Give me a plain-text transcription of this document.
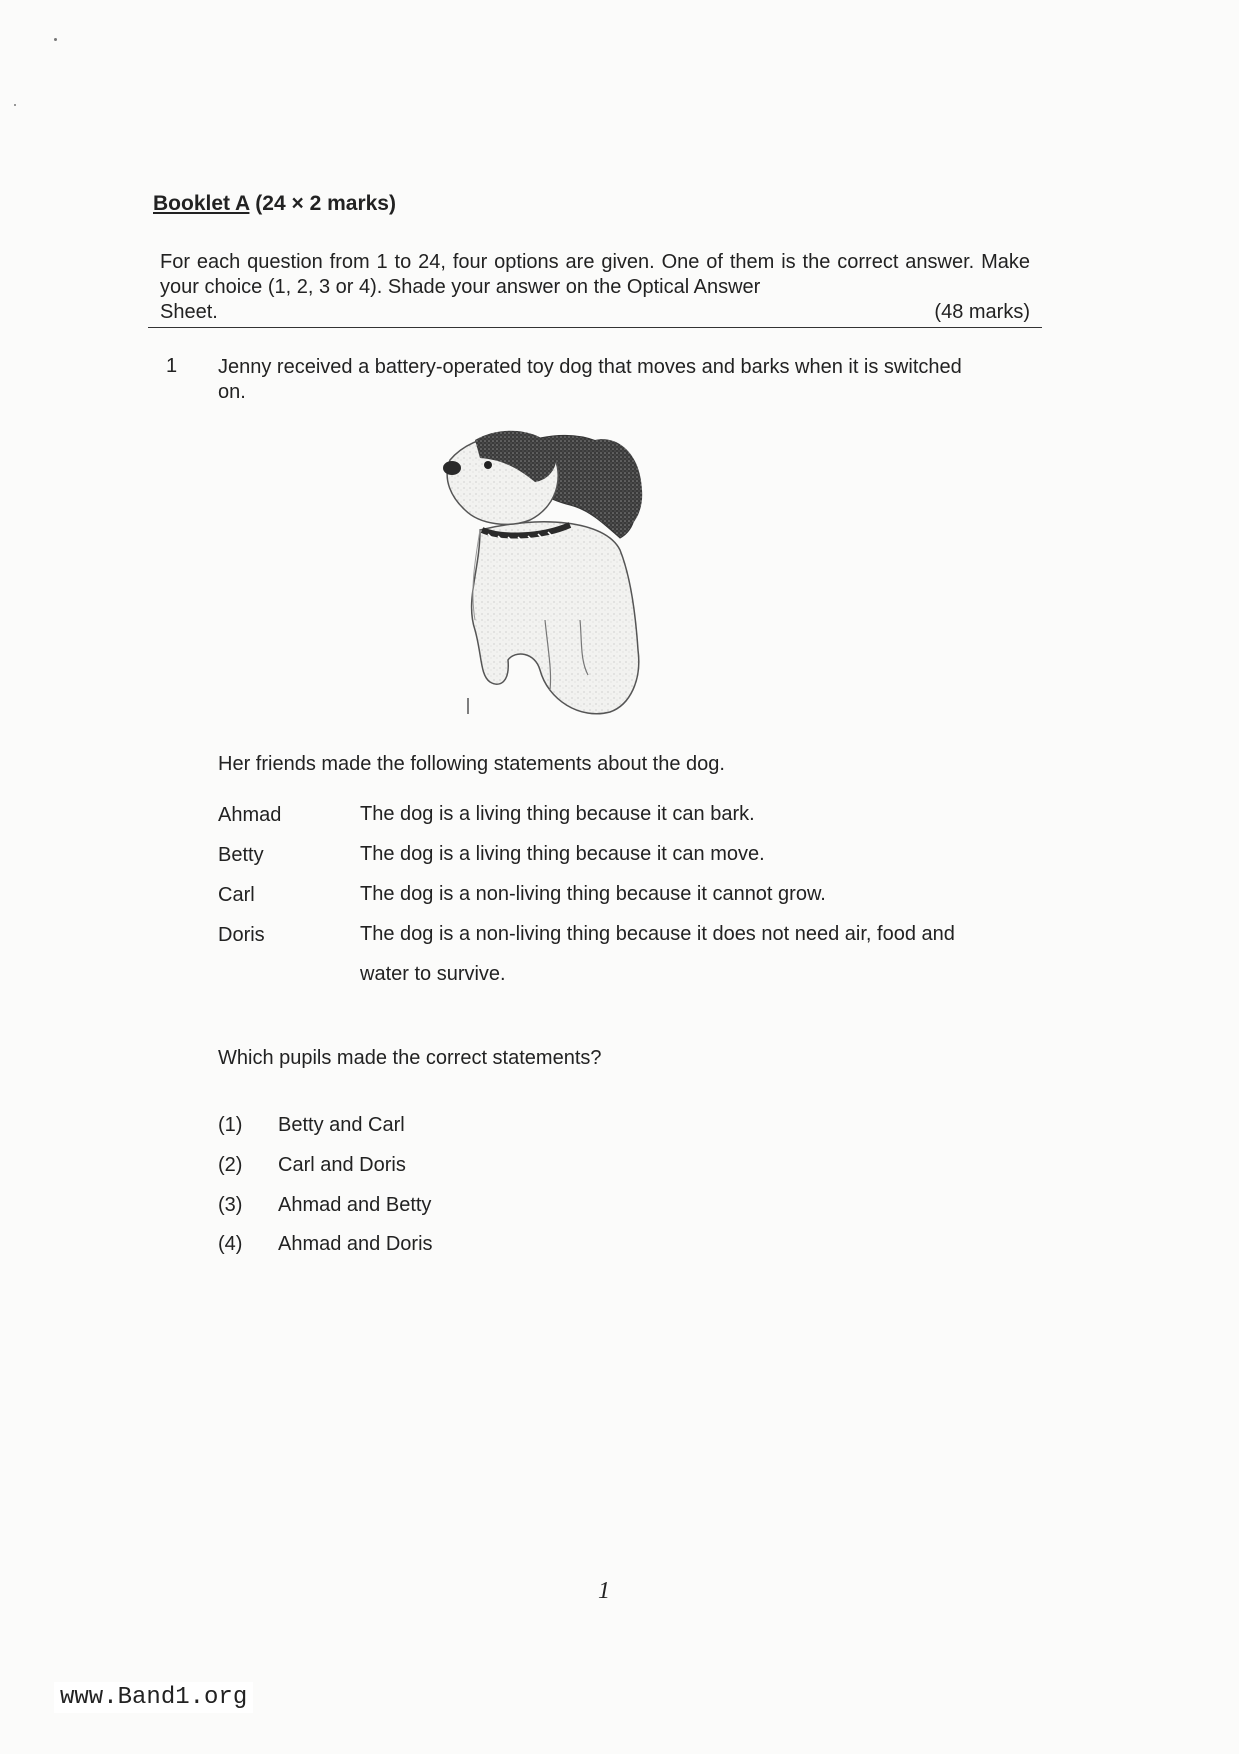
Booklet A (24 × 2 marks)
For each question from 1 to 24, four options are given. One of them is the correct answer. Make your choice (1, 2, 3 or 4). Shade your answer on the Optical Answer
Sheet.	(48 marks)
1 Jenny received a battery-operated toy dog that moves and barks when it is switched on.
Her friends made the following statements about the dog.
Ahmad	The dog is a living thing because it can bark.
Betty	The dog is a living thing because it can move.
Carl	The dog is a non-living thing because it cannot grow.
Doris	The dog is a non-living thing because it does not need air, food and water to survive.
Which pupils made the correct statements?
(1) Betty and Carl
(2) Carl and Doris
(3) Ahmad and Betty
(4) Ahmad and Doris
1
www.Band1.org
